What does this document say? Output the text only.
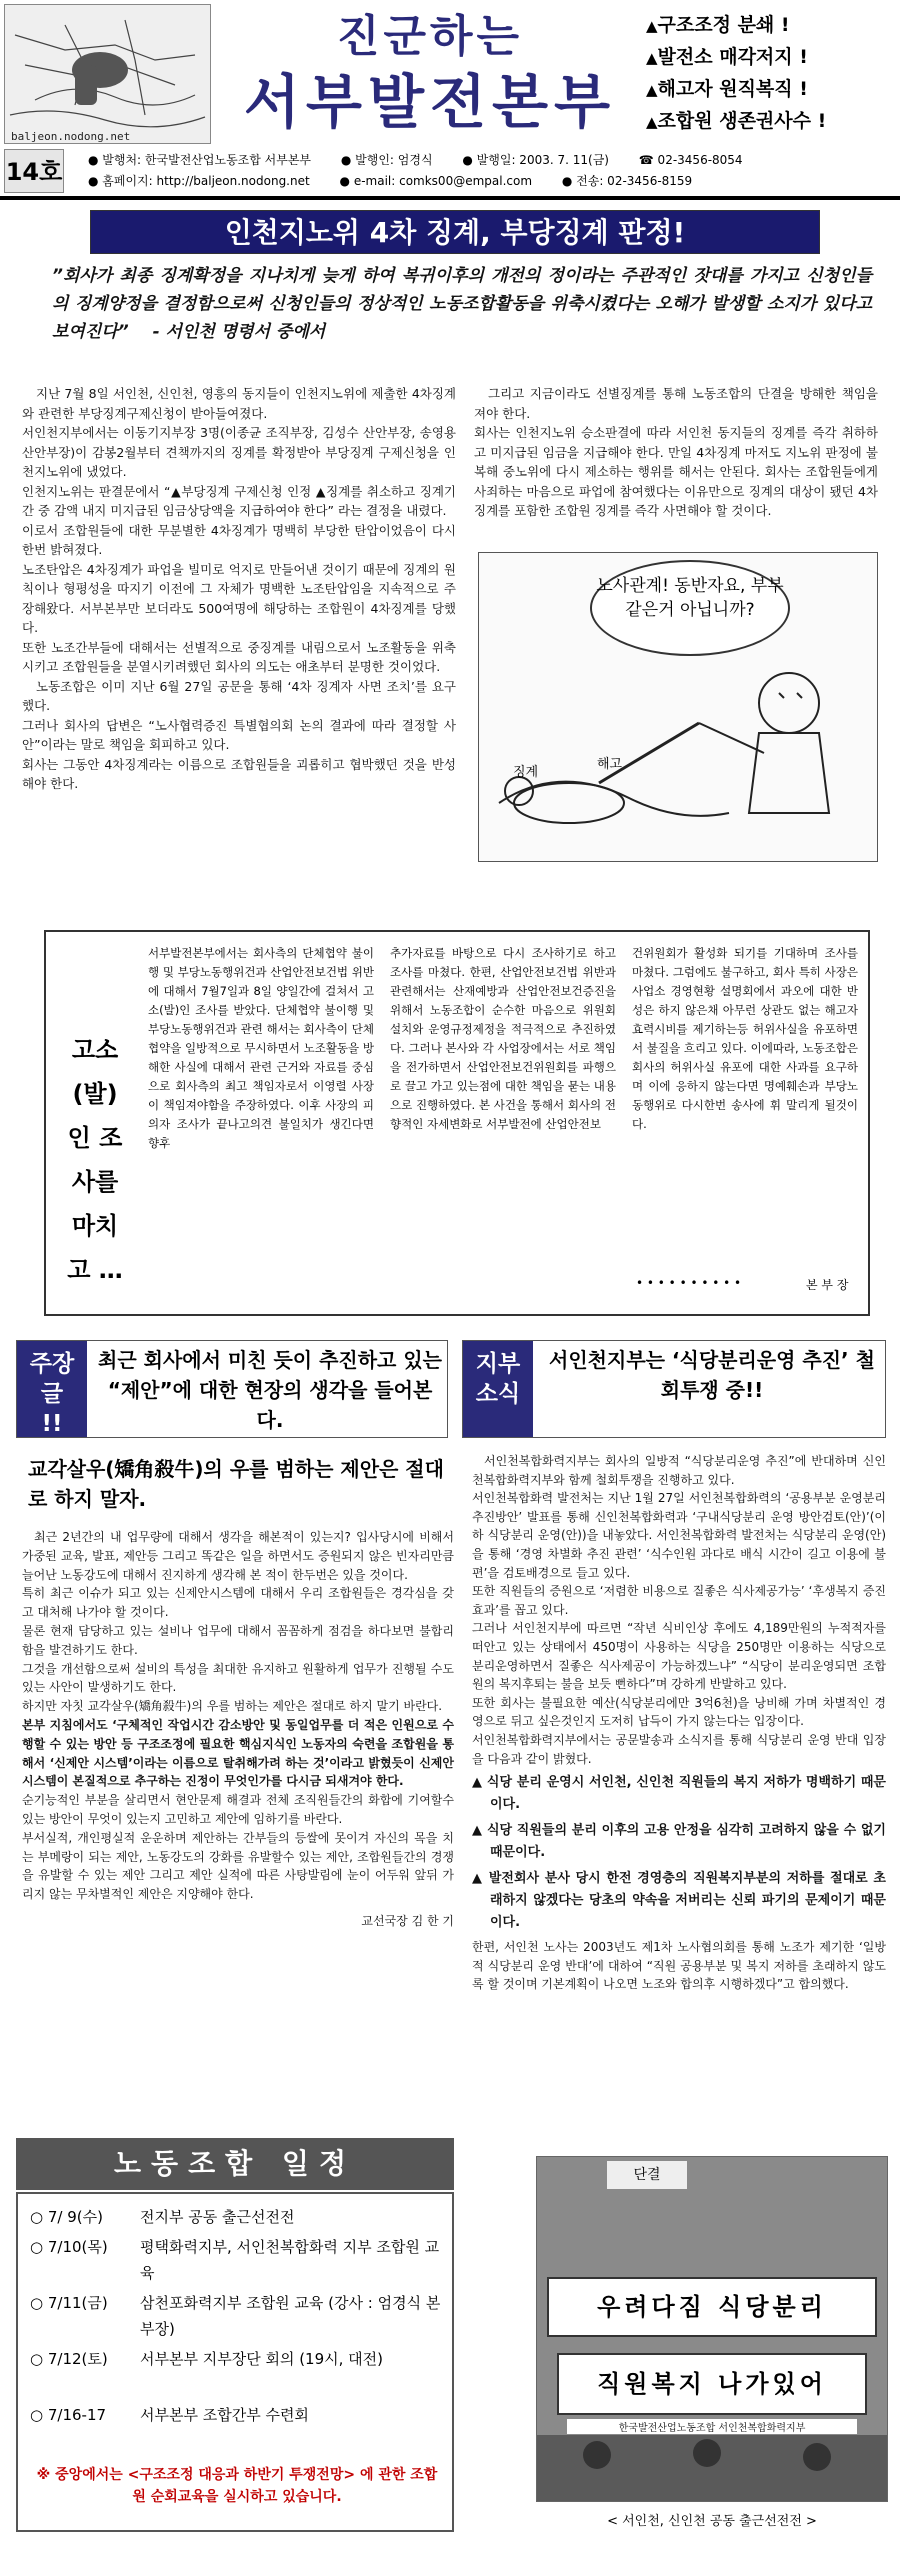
baljeon.nodong.net
진군하는
서부발전본부
▲ 구조조정 분쇄 !
▲ 발전소 매각저지 !
▲ 해고자 원직복직 !
▲ 조합원 생존권사수 !
14호 ● 발행처: 한국발전산업노동조합 서부본부 ● 발행인: 엄경식 ● 발행일: 2003. 7. 11(금) ☎ 02-3456-8054
● 홈페이지: http://baljeon.nodong.net ● e-mail: comks00@empal.com ● 전송: 02-3456-8159
인천지노위 4차 징계, 부당징계 판정!
”회사가 최종 징계확정을 지나치게 늦게 하여 복귀이후의 개전의 정이라는 주관적인 잣대를 가지고 신청인들의 징계양정을 결정함으로써 신청인들의 정상적인 노동조합활동을 위축시켰다는 오해가 발생할 소지가 있다고 보여진다” - 서인천 명령서 중에서

지난 7월 8일 서인천, 신인천, 영흥의 동지들이 인천지노위에 제출한 4차징계와 관련한 부당징계구제신청이 받아들여졌다.

서인천지부에서는 이동기지부장 3명(이종균 조직부장, 김성수 산안부장, 송영용 산안부장)이 감봉2월부터 견책까지의 징계를 확정받아 부당징계 구제신청을 인천지노위에 냈었다.

인천지노위는 판결문에서 “▲부당징계 구제신청 인정 ▲징계를 취소하고 징계기간 중 감액 내지 미지급된 임금상당액을 지급하여야 한다” 라는 결정을 내렸다.

이로서 조합원들에 대한 무분별한 4차징계가 명백히 부당한 탄압이었음이 다시 한번 밝혀졌다.

노조탄압은 4차징계가 파업을 빌미로 억지로 만들어낸 것이기 때문에 징계의 원칙이나 형평성을 따지기 이전에 그 자체가 명백한 노조탄압임을 지속적으로 주장해왔다. 서부본부만 보더라도 500여명에 해당하는 조합원이 4차징계를 당했다.

또한 노조간부들에 대해서는 선별적으로 중징계를 내림으로서 노조활동을 위축시키고 조합원들을 분열시키려했던 회사의 의도는 애초부터 분명한 것이었다.

노동조합은 이미 지난 6월 27일 공문을 통해 ‘4차 징계자 사면 조치’를 요구했다.

그러나 회사의 답변은 “노사협력증진 특별협의회 논의 결과에 따라 결정할 사안”이라는 말로 책임을 회피하고 있다.

회사는 그동안 4차징계라는 이름으로 조합원들을 괴롭히고 협박했던 것을 반성해야 한다.

그리고 지금이라도 선별징계를 통해 노동조합의 단결을 방해한 책임을 져야 한다.

회사는 인천지노위 승소판결에 따라 서인천 동지들의 징계를 즉각 취하하고 미지급된 임금을 지급해야 한다. 만일 4차징계 마저도 지노위 판정에 불복해 중노위에 다시 제소하는 행위를 해서는 안된다. 회사는 조합원들에게 사죄하는 마음으로 파업에 참여했다는 이유만으로 징계의 대상이 됐던 4차징계를 포함한 조합원 징계를 즉각 사면해야 할 것이다.

징계
해고
노사관계! 동반자요, 부부같은거 아닙니까?
고소 (발)인 조사를 마치고 …
서부발전본부에서는 회사측의 단체협약 불이행 및 부당노동행위건과 산업안전보건법 위반에 대해서 7월7일과 8일 양일간에 걸쳐서 고소(발)인 조사를 받았다. 단체협약 불이행 및 부당노동행위건과 관련 해서는 회사측이 단체협약을 일방적으로 무시하면서 노조활동을 방해한 사실에 대해서 관련 근거와 자료를 중심으로 회사측의 최고 책임자로서 이영렬 사장이 책임져야함을 주장하였다. 이후 사장의 피의자 조사가 끝나고의견 불일치가 생긴다면 향후
추가자료를 바탕으로 다시 조사하기로 하고 조사를 마쳤다. 한편, 산업안전보건법 위반과 관련해서는 산재예방과 산업안전보건증진을 위해서 노동조합이 순수한 마음으로 위원회 설치와 운영규정제정을 적극적으로 추진하였다. 그러나 본사와 각 사업장에서는 서로 책임을 전가하면서 산업안전보건위원회를 파행으로 끌고 가고 있는점에 대한 책임을 묻는 내용으로 진행하였다. 본 사건을 통해서 회사의 전향적인 자세변화로 서부발전에 산업안전보
건위원회가 활성화 되기를 기대하며 조사를 마쳤다. 그럼에도 불구하고, 회사 특히 사장은 사업소 경영현황 설명회에서 과오에 대한 반성은 하지 않은채 아무런 상관도 없는 해고자 효력시비를 제기하는등 허위사실을 유포하면서 불질을 흐리고 있다. 이에따라, 노동조합은 회사의 허위사실 유포에 대한 사과를 요구하며 이에 응하지 않는다면 명예훼손과 부당노동행위로 다시한번 송사에 휘 말리게 될것이다.
• • • • • • • • • •	본 부 장
주장 글 !!
최근 회사에서 미친 듯이 추진하고 있는 “제안”에 대한 현장의 생각을 들어본다.
지부 소식
서인천지부는 ‘식당분리운영 추진’ 철회투쟁 중!!
교각살우(矯角殺牛)의 우를 범하는 제안은 절대로 하지 말자.

최근 2년간의 내 업무량에 대해서 생각을 해본적이 있는지? 입사당시에 비해서 가중된 교육, 발표, 제안등 그리고 똑같은 일을 하면서도 증원되지 않은 빈자리만큼 늘어난 노동강도에 대해서 진지하게 생각해 본 적이 한두번은 있을 것이다.

특히 최근 이슈가 되고 있는 신제안시스템에 대해서 우리 조합원들은 경각심을 갖고 대처해 나가야 할 것이다.

물론 현재 담당하고 있는 설비나 업무에 대해서 꼼꼼하게 점검을 하다보면 불합리함을 발견하기도 한다.

그것을 개선함으로써 설비의 특성을 최대한 유지하고 원활하게 업무가 진행될 수도 있는 사안이 발생하기도 한다.

하지만 자칫 교각살우(矯角殺牛)의 우를 범하는 제안은 절대로 하지 말기 바란다.

본부 지침에서도 ‘구체적인 작업시간 감소방안 및 동일업무를 더 적은 인원으로 수행할 수 있는 방안 등 구조조정에 필요한 핵심지식인 노동자의 숙련을 조합원을 통해서 ‘신제안 시스템’이라는 이름으로 탈취해가려 하는 것’이라고 밝혔듯이 신제안시스템이 본질적으로 추구하는 진정이 무엇인가를 다시금 되새겨야 한다.

순기능적인 부분을 살리면서 현안문제 해결과 전체 조직원들간의 화합에 기여할수 있는 방안이 무엇이 있는지 고민하고 제안에 임하기를 바란다.

부서실적, 개인평실적 운운하며 제안하는 간부들의 등쌀에 못이겨 자신의 목을 치는 부메랑이 되는 제안, 노동강도의 강화를 유발할수 있는 제안, 조합원들간의 경쟁을 유발할 수 있는 제안 그리고 제안 실적에 따른 사탕발림에 눈이 어두워 앞뒤 가리지 않는 무차별적인 제안은 지양해야 한다.

교선국장 김 한 기

서인천복합화력지부는 회사의 일방적 “식당분리운영 추진”에 반대하며 신인천복합화력지부와 함께 철회투쟁을 진행하고 있다.

서인천복합화력 발전처는 지난 1월 27일 서인천복합화력의 ‘공용부분 운영분리추진방안’ 발표를 통해 신인천복합화력과 ‘구내식당분리 운영 방안검토(안)’(이하 식당분리 운영(안))을 내놓았다. 서인천복합화력 발전처는 식당분리 운영(안)을 통해 ‘경영 차별화 추진 관련’ ‘식수인원 과다로 배식 시간이 길고 이용에 불편’을 검토배경으로 들고 있다.

또한 직원들의 증원으로 ‘저렴한 비용으로 질좋은 식사제공가능’ ‘후생복지 증진 효과’를 꼽고 있다.

그러나 서인천지부에 따르면 “작년 식비인상 후에도 4,189만원의 누적적자를 떠안고 있는 상태에서 450명이 사용하는 식당을 250명만 이용하는 식당으로 분리운영하면서 질좋은 식사제공이 가능하겠느냐” “식당이 분리운영되면 조합원의 복지후퇴는 불을 보듯 뻔하다”며 강하게 반발하고 있다.

또한 회사는 불필요한 예산(식당분리에만 3억6천)을 낭비해 가며 차별적인 경영으로 뒤고 싶은것인지 도저히 납득이 가지 않는다는 입장이다.

서인천복합화력지부에서는 공문발송과 소식지를 통해 식당분리 운영 반대 입장을 다음과 같이 밝혔다.

▲ 식당 분리 운영시 서인천, 신인천 직원들의 복지 저하가 명백하기 때문이다.

▲ 식당 직원들의 분리 이후의 고용 안정을 심각히 고려하지 않을 수 없기 때문이다.

▲ 발전회사 분사 당시 한전 경영층의 직원복지부분의 저하를 절대로 초래하지 않겠다는 당초의 약속을 저버리는 신뢰 파기의 문제이기 때문이다.

한편, 서인천 노사는 2003년도 제1차 노사협의회를 통해 노조가 제기한 ‘일방적 식당분리 운영 반대’에 대하여 “직원 공용부분 및 복지 저하를 초래하지 않도록 할 것이며 기본계획이 나오면 노조와 합의후 시행하겠다”고 합의했다.

노동조합 일정
○ 7/ 9(수)	전지부 공동 출근선전전
○ 7/10(목)	평택화력지부, 서인천복합화력 지부 조합원 교육
○ 7/11(금)	삼천포화력지부 조합원 교육 (강사 : 엄경식 본부장)
○ 7/12(토)	서부본부 지부장단 회의 (19시, 대전)
○ 7/16-17	서부본부 조합간부 수련회
※ 중앙에서는 <구조조정 대응과 하반기 투쟁전망> 에 관한 조합원 순회교육을 실시하고 있습니다.
단결
우려다짐 식당분리
직원복지 나가있어
한국발전산업노동조합 서인천복합화력지부
< 서인천, 신인천 공동 출근선전전 >
